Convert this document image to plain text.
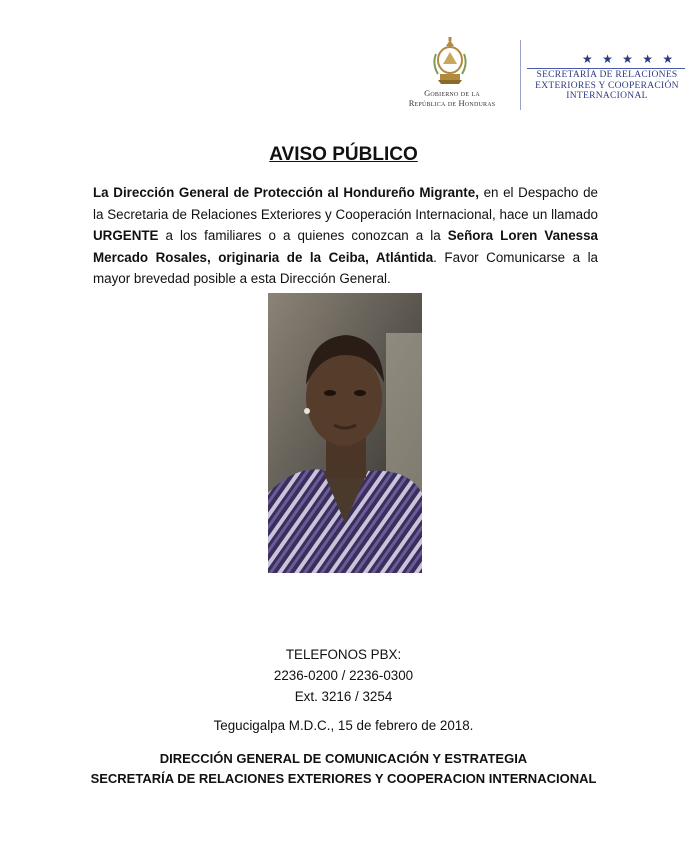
Gobierno de la
República de Honduras
★ ★ ★ ★ ★
SECRETARÍA DE RELACIONES
EXTERIORES Y COOPERACIÓN
INTERNACIONAL
AVISO PÚBLICO
La Dirección General de Protección al Hondureño Migrante, en el Despacho de la Secretaria de Relaciones Exteriores y Cooperación Internacional, hace un llamado URGENTE a los familiares o a quienes conozcan a la Señora Loren Vanessa Mercado Rosales, originaria de la Ceiba, Atlántida. Favor Comunicarse a la mayor brevedad posible a esta Dirección General.
TELEFONOS PBX:
2236-0200 / 2236-0300
Ext. 3216 / 3254
Tegucigalpa M.D.C., 15 de febrero de 2018.
DIRECCIÓN GENERAL DE COMUNICACIÓN Y ESTRATEGIA
SECRETARÍA DE RELACIONES EXTERIORES Y COOPERACION INTERNACIONAL
